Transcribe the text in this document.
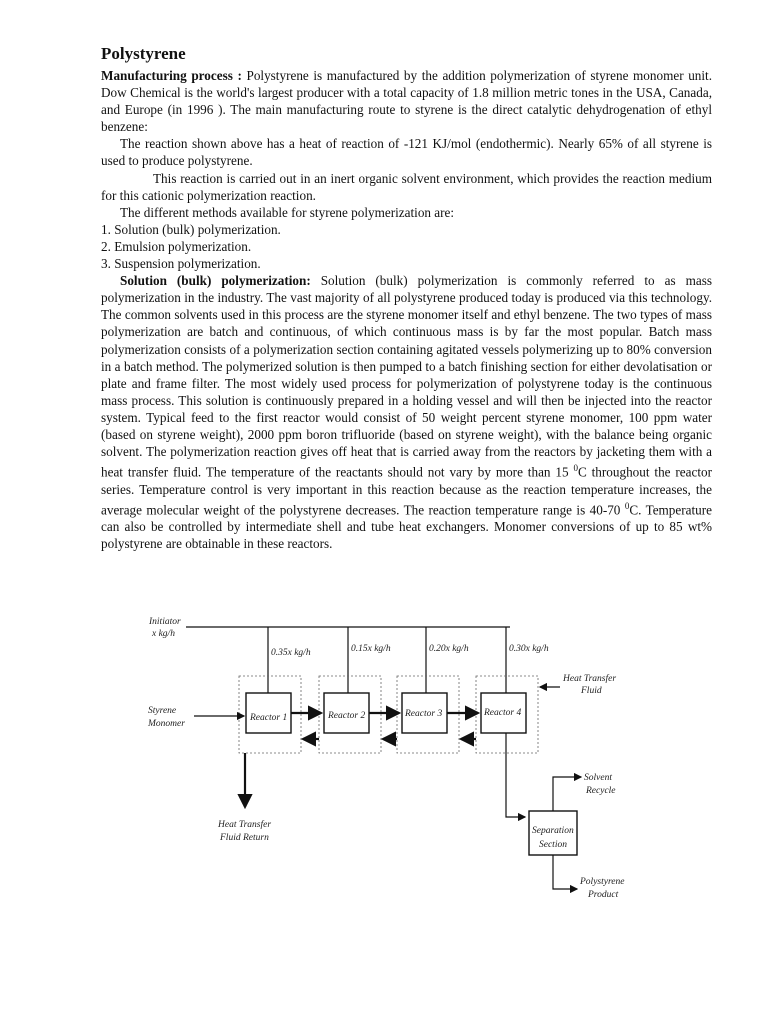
Polystyrene

Manufacturing process : Polystyrene is manufactured by the addition polymerization of styrene monomer unit. Dow Chemical is the world's largest producer with a total capacity of 1.8 million metric tones in the USA, Canada, and Europe (in 1996 ). The main manufacturing route to styrene is the direct catalytic dehydrogenation of ethyl benzene:

The reaction shown above has a heat of reaction of -121 KJ/mol (endothermic). Nearly 65% of all styrene is used to produce polystyrene.

This reaction is carried out in an inert organic solvent environment, which provides the reaction medium for this cationic polymerization reaction.

The different methods available for styrene polymerization are:

1. Solution (bulk) polymerization.

2. Emulsion polymerization.

3. Suspension polymerization.

Solution (bulk) polymerization: Solution (bulk) polymerization is commonly referred to as mass polymerization in the industry. The vast majority of all polystyrene produced today is produced via this technology. The common solvents used in this process are the styrene monomer itself and ethyl benzene. The two types of mass polymerization are batch and continuous, of which continuous mass is by far the most popular. Batch mass polymerization consists of a polymerization section containing agitated vessels polymerizing up to 80% conversion in a batch method. The polymerized solution is then pumped to a batch finishing section for either devolatisation or plate and frame filter. The most widely used process for polymerization of polystyrene today is the continuous mass process. This solution is continuously prepared in a holding vessel and will then be injected into the reactor system. Typical feed to the first reactor would consist of 50 weight percent styrene monomer, 100 ppm water (based on styrene weight), 2000 ppm boron trifluoride (based on styrene weight), with the balance being organic solvent. The polymerization reaction gives off heat that is carried away from the reactors by jacketing them with a heat transfer fluid. The temperature of the reactants should not vary by more than 15 $^0$C throughout the reactor series. Temperature control is very important in this reaction because as the reaction temperature increases, the average molecular weight of the polystyrene decreases. The reaction temperature range is 40-70 $^0$C. Temperature can also be controlled by intermediate shell and tube heat exchangers. Monomer conversions of up to 85 wt% polystyrene are obtainable in these reactors.

Initiator
x kg/h
0.35x kg/h	0.15x kg/h	0.20x kg/h	0.30x kg/h
Reactor 1	Reactor 2	Reactor 3	Reactor 4
Styrene
Monomer
Heat Transfer
Fluid
Heat Transfer
Fluid Return
Separation
Section
Solvent
Recycle
Polystyrene
Product
